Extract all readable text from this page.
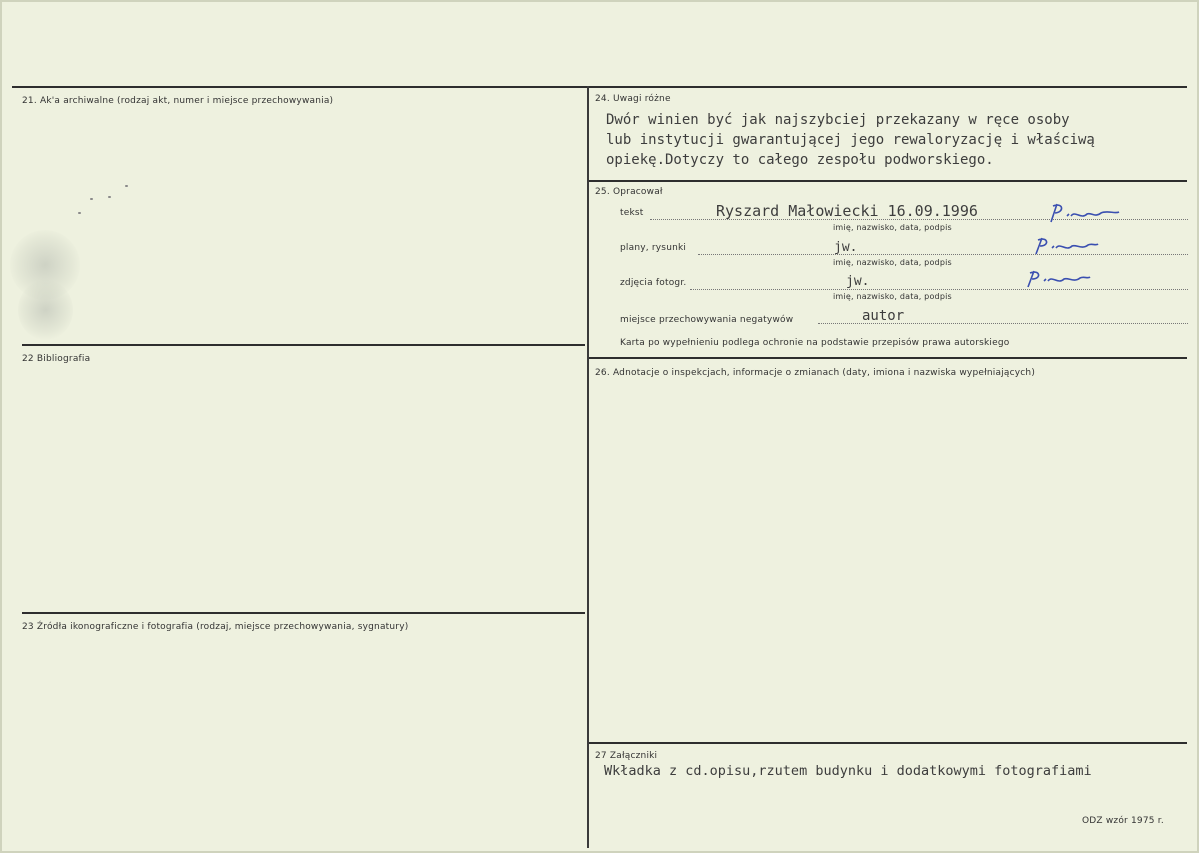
21. Ak'a archiwalne (rodzaj akt, numer i miejsce przechowywania)
22 Bibliografia
23 Źródła ikonograficzne i fotografia (rodzaj, miejsce przechowywania, sygnatury)
24. Uwagi różne
Dwór winien być jak najszybciej przekazany w ręce osoby
lub instytucji gwarantującej jego rewaloryzację i właściwą
opiekę.Dotyczy to całego zespołu podworskiego.
25. Opracował
tekst	Ryszard Małowiecki 16.09.1996
imię, nazwisko, data, podpis
plany, rysunki	jw.
imię, nazwisko, data, podpis
zdjęcia fotogr.	jw.
imię, nazwisko, data, podpis
miejsce przechowywania negatywów	autor
Karta po wypełnieniu podlega ochronie na podstawie przepisów prawa autorskiego
26. Adnotacje o inspekcjach, informacje o zmianach (daty, imiona i nazwiska wypełniających)
27 Załączniki
Wkładka z cd.opisu,rzutem budynku i dodatkowymi fotografiami
ODZ wzór 1975 r.
